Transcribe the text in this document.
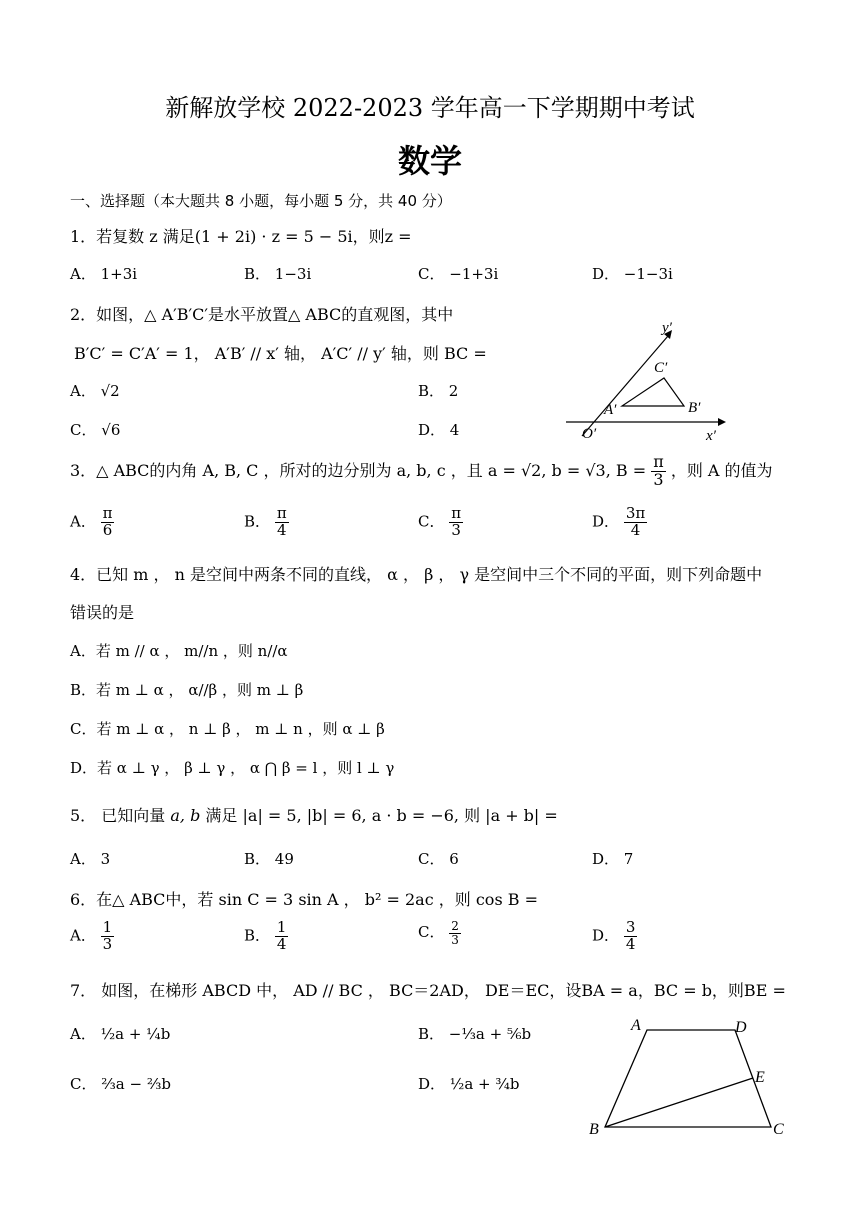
新解放学校 2022-2023 学年高一下学期期中考试
数学
一、选择题（本大题共 8 小题，每小题 5 分，共 40 分）
1．若复数 z 满足(1 + 2i) · z = 5 − 5i，则z =
A． 1+3i	B． 1−3i	C． −1+3i	D． −1−3i
2．如图，△ A′B′C′是水平放置△ ABC的直观图，其中
B′C′ = C′A′ = 1， A′B′ // x′ 轴， A′C′ // y′ 轴，则 BC =
A． √2	B． 2
C． √6	D． 4
y′
x′
O′
A′	B′
C′
3．△ ABC的内角 A, B, C ，所对的边分别为 a, b, c ，且 a = √2, b = √3, $B = \frac{\pi}{3}$ ，则 A 的值为
A． $\frac{\pi}{6}$	B． $\frac{\pi}{4}$	C． $\frac{\pi}{3}$	D． $\frac{3\pi}{4}$
4．已知 m ， n 是空间中两条不同的直线， α ， β ， γ 是空间中三个不同的平面，则下列命题中
错误的是
A．若 m // α ， m//n ，则 n//α
B．若 m ⊥ α ， α//β ，则 m ⊥ β
C．若 m ⊥ α ， n ⊥ β ， m ⊥ n ，则 α ⊥ β
D．若 α ⊥ γ ， β ⊥ γ ， α ⋂ β = l ，则 l ⊥ γ
5． 已知向量 a, b 满足 |a| = 5, |b| = 6, a · b = −6, 则 |a + b| =
A． 3	B． 49	C． 6	D． 7
6．在△ ABC中，若 sin C = 3 sin A ， b² = 2ac ，则 cos B =
A． $\frac{1}{3}$	B． $\frac{1}{4}$	C． $\frac{2}{3}$	D． $\frac{3}{4}$
7． 如图，在梯形 ABCD 中， AD // BC ， BC＝2AD， DE＝EC，设BA = a，BC = b，则BE =
A． ½a + ¼b	B． −⅓a + ⅚b
C． ⅔a − ⅔b	D． ½a + ¾b
A	D
E
B	C
